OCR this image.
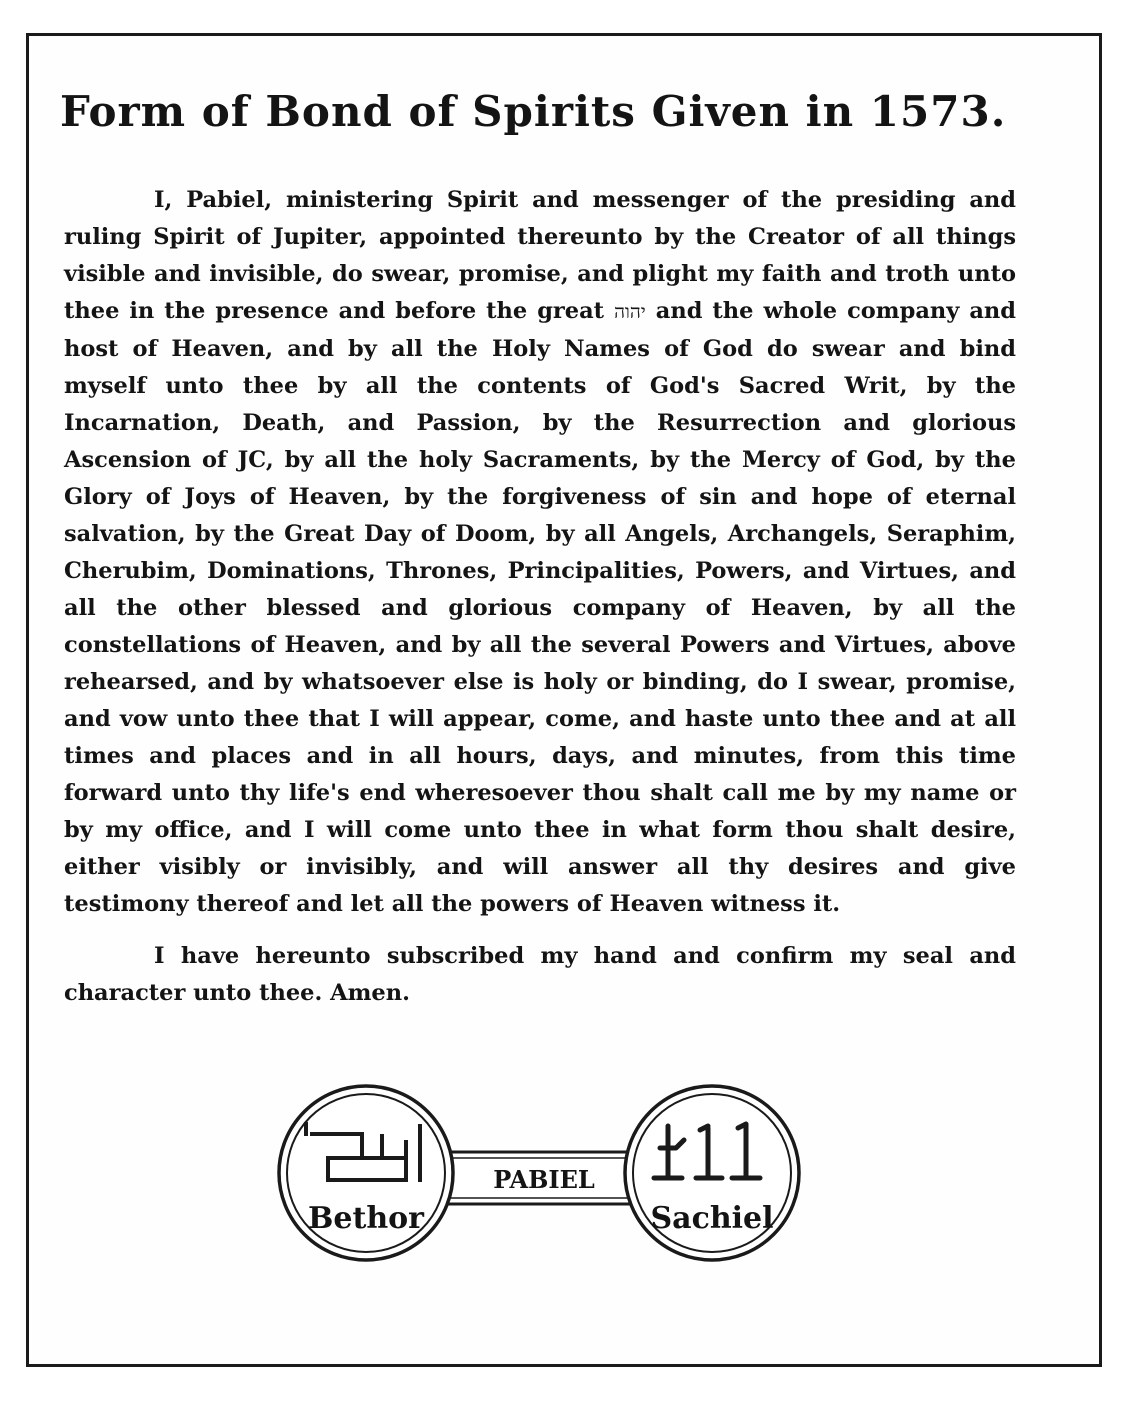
Form of Bond of Spirits Given in 1573.

I, Pabiel, ministering Spirit and messenger of the presiding and ruling Spirit of Jupiter, appointed thereunto by the Creator of all things visible and invisible, do swear, promise, and plight my faith and troth unto thee in the presence and before the great יהוה and the whole company and host of Heaven, and by all the Holy Names of God do swear and bind myself unto thee by all the contents of God's Sacred Writ, by the Incarnation, Death, and Passion, by the Resurrection and glorious Ascension of JC, by all the holy Sacraments, by the Mercy of God, by the Glory of Joys of Heaven, by the forgiveness of sin and hope of eternal salvation, by the Great Day of Doom, by all Angels, Archangels, Seraphim, Cherubim, Dominations, Thrones, Principalities, Powers, and Virtues, and all the other blessed and glorious company of Heaven, by all the constellations of Heaven, and by all the several Powers and Virtues, above rehearsed, and by whatsoever else is holy or binding, do I swear, promise, and vow unto thee that I will appear, come, and haste unto thee and at all times and places and in all hours, days, and minutes, from this time forward unto thy life's end wheresoever thou shalt call me by my name or by my office, and I will come unto thee in what form thou shalt desire, either visibly or invisibly, and will answer all thy desires and give testimony thereof and let all the powers of Heaven witness it.

I have hereunto subscribed my hand and confirm my seal and character unto thee. Amen.

PABIEL
Bethor	Sachiel
